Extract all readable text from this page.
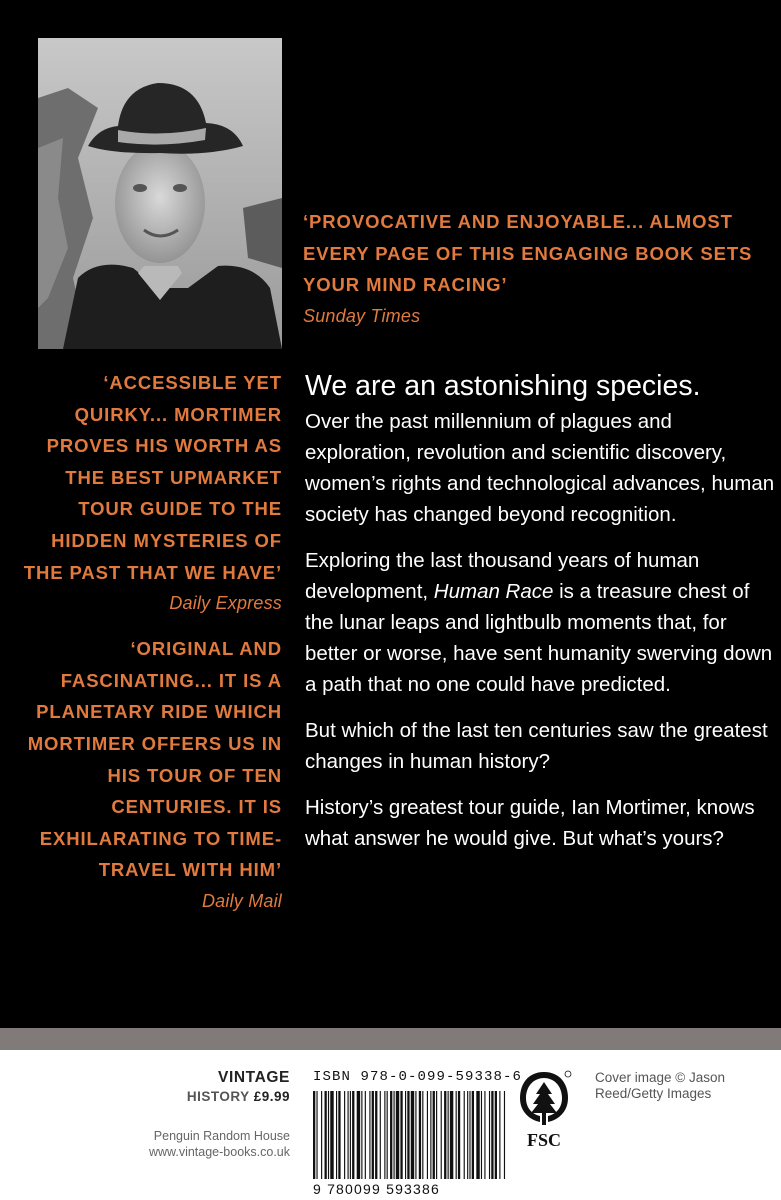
‘PROVOCATIVE AND ENJOYABLE... ALMOST EVERY PAGE OF THIS ENGAGING BOOK SETS YOUR MIND RACING’
Sunday Times
‘ACCESSIBLE YET QUIRKY... MORTIMER PROVES HIS WORTH AS THE BEST UPMARKET TOUR GUIDE TO THE HIDDEN MYSTERIES OF THE PAST THAT WE HAVE’
Daily Express
‘ORIGINAL AND FASCINATING... IT IS A PLANETARY RIDE WHICH MORTIMER OFFERS US IN HIS TOUR OF TEN CENTURIES. IT IS EXHILARATING TO TIME-TRAVEL WITH HIM’
Daily Mail
We are an astonishing species.

Over the past millennium of plagues and exploration, revolution and scientific discovery, women’s rights and technological advances, human society has changed beyond recognition.

Exploring the last thousand years of human development, Human Race is a treasure chest of the lunar leaps and lightbulb moments that, for better or worse, have sent humanity swerving down a path that no one could have predicted.

But which of the last ten centuries saw the greatest changes in human history?

History’s greatest tour guide, Ian Mortimer, knows what answer he would give. But what’s yours?

VINTAGE
HISTORY £9.99
Penguin Random House
www.vintage-books.co.uk
ISBN 978-0-099-59338-6
9 780099 593386
FSC
Cover image © Jason Reed/Getty Images
